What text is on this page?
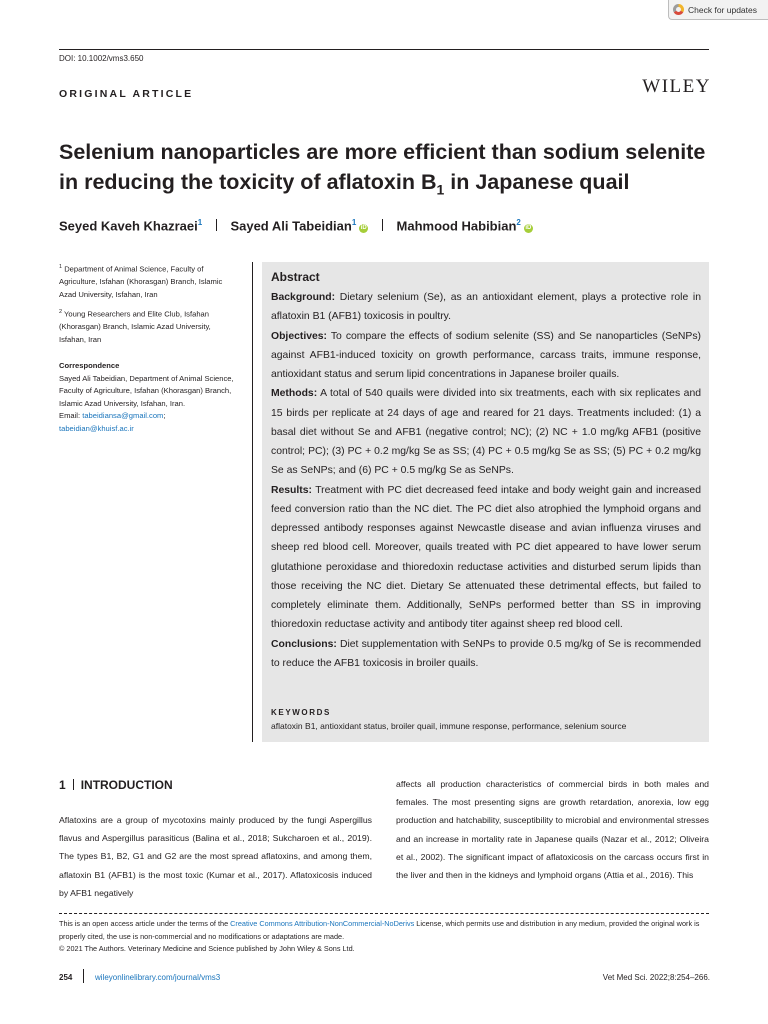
Check for updates
DOI: 10.1002/vms3.650
ORIGINAL ARTICLE	WILEY
Selenium nanoparticles are more efficient than sodium selenite
in reducing the toxicity of aflatoxin $B_1$ in Japanese quail
Seyed Kaveh Khazraei$^1$ Sayed Ali Tabeidian$^1$iD Mahmood Habibian$^2$iD
$^1$ Department of Animal Science, Faculty of Agriculture, Isfahan (Khorasgan) Branch, Islamic Azad University, Isfahan, Iran
$^2$ Young Researchers and Elite Club, Isfahan (Khorasgan) Branch, Islamic Azad University, Isfahan, Iran
Correspondence
Sayed Ali Tabeidian, Department of Animal Science, Faculty of Agriculture, Isfahan (Khorasgan) Branch, Islamic Azad University, Isfahan, Iran.
Email: tabeidiansa@gmail.com; tabeidian@khuisf.ac.ir

Abstract

Background: Dietary selenium (Se), as an antioxidant element, plays a protective role in aflatoxin B1 (AFB1) toxicosis in poultry.

Objectives: To compare the effects of sodium selenite (SS) and Se nanoparticles (SeNPs) against AFB1-induced toxicity on growth performance, carcass traits, immune response, antioxidant status and serum lipid concentrations in Japanese broiler quails.

Methods: A total of 540 quails were divided into six treatments, each with six replicates and 15 birds per replicate at 24 days of age and reared for 21 days. Treatments included: (1) a basal diet without Se and AFB1 (negative control; NC); (2) NC + 1.0 mg/kg AFB1 (positive control; PC); (3) PC + 0.2 mg/kg Se as SS; (4) PC + 0.5 mg/kg Se as SS; (5) PC + 0.2 mg/kg Se as SeNPs; and (6) PC + 0.5 mg/kg Se as SeNPs.

Results: Treatment with PC diet decreased feed intake and body weight gain and increased feed conversion ratio than the NC diet. The PC diet also atrophied the lymphoid organs and depressed antibody responses against Newcastle disease and avian influenza viruses and sheep red blood cell. Moreover, quails treated with PC diet appeared to have lower serum glutathione peroxidase and thioredoxin reductase activities and disturbed serum lipids than those receiving the NC diet. Dietary Se attenuated these detrimental effects, but failed to completely eliminate them. Additionally, SeNPs performed better than SS in improving thioredoxin reductase activity and antibody titer against sheep red blood cell.

Conclusions: Diet supplementation with SeNPs to provide 0.5 mg/kg of Se is recommended to reduce the AFB1 toxicosis in broiler quails.

KEYWORDS
aflatoxin B1, antioxidant status, broiler quail, immune response, performance, selenium source
1 INTRODUCTION

Aflatoxins are a group of mycotoxins mainly produced by the fungi Aspergillus flavus and Aspergillus parasiticus (Balina et al., 2018; Sukcharoen et al., 2019). The types B1, B2, G1 and G2 are the most spread aflatoxins, and among them, aflatoxin B1 (AFB1) is the most toxic (Kumar et al., 2017). Aflatoxicosis induced by AFB1 negatively

affects all production characteristics of commercial birds in both males and females. The most presenting signs are growth retardation, anorexia, low egg production and hatchability, susceptibility to microbial and environmental stresses and an increase in mortality rate in Japanese quails (Nazar et al., 2012; Oliveira et al., 2002). The significant impact of aflatoxicosis on the carcass occurs first in the liver and then in the kidneys and lymphoid organs (Attia et al., 2016). This

This is an open access article under the terms of the Creative Commons Attribution-NonCommercial-NoDerivs License, which permits use and distribution in any medium, provided the original work is properly cited, the use is non-commercial and no modifications or adaptations are made.
© 2021 The Authors. Veterinary Medicine and Science published by John Wiley & Sons Ltd.
254	wileyonlinelibrary.com/journal/vms3	Vet Med Sci. 2022;8:254–266.
